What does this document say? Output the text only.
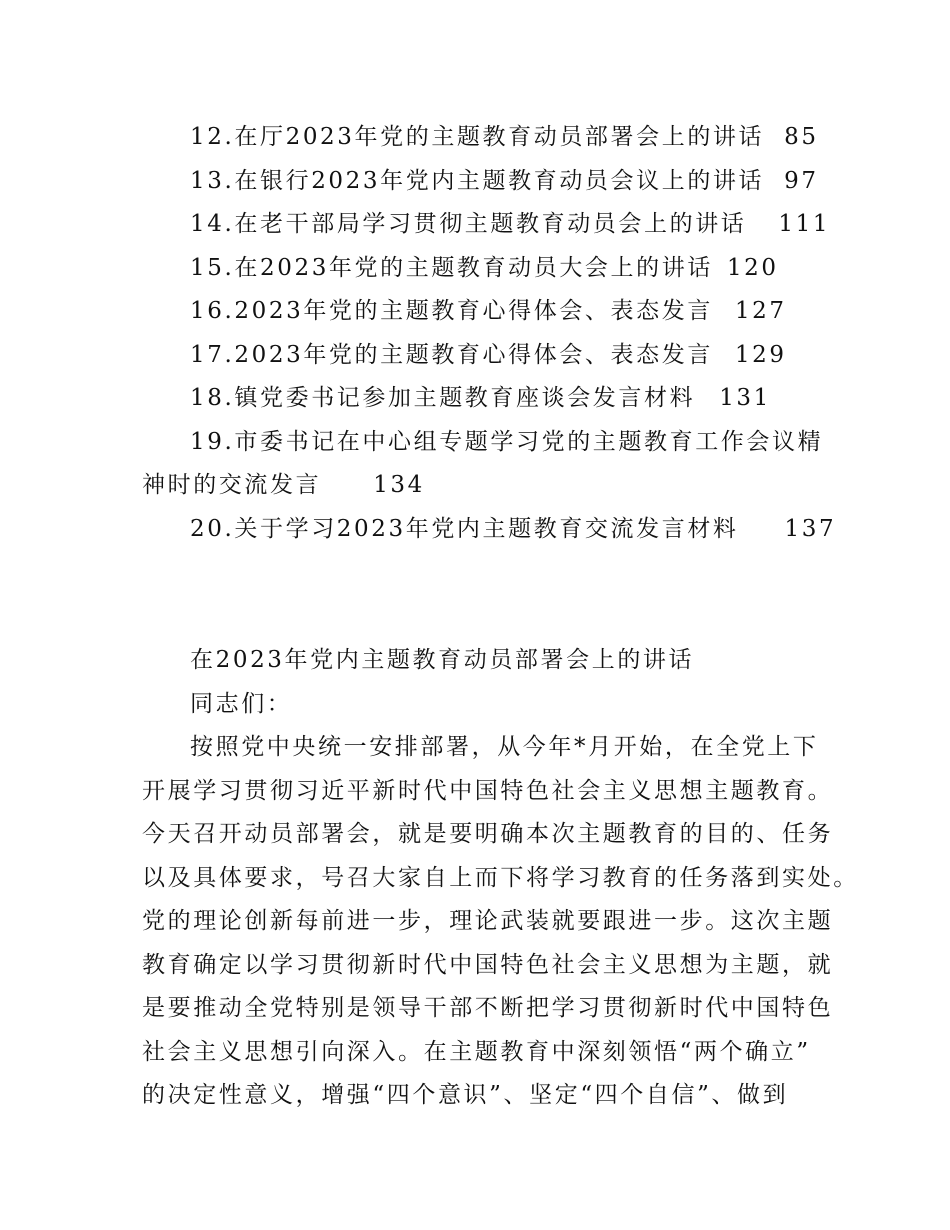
12.在厅2023年党的主题教育动员部署会上的讲话 85
13.在银行2023年党内主题教育动员会议上的讲话 97
14.在老干部局学习贯彻主题教育动员会上的讲话 111
15.在2023年党的主题教育动员大会上的讲话 120
16.2023年党的主题教育心得体会、表态发言 127
17.2023年党的主题教育心得体会、表态发言 129
18.镇党委书记参加主题教育座谈会发言材料 131
19.市委书记在中心组专题学习党的主题教育工作会议精
神时的交流发言 134
20.关于学习2023年党内主题教育交流发言材料 137
在2023年党内主题教育动员部署会上的讲话
同志们：
按照党中央统一安排部署，从今年*月开始，在全党上下
开展学习贯彻习近平新时代中国特色社会主义思想主题教育。
今天召开动员部署会，就是要明确本次主题教育的目的、任务
以及具体要求，号召大家自上而下将学习教育的任务落到实处。
党的理论创新每前进一步，理论武装就要跟进一步。这次主题
教育确定以学习贯彻新时代中国特色社会主义思想为主题，就
是要推动全党特别是领导干部不断把学习贯彻新时代中国特色
社会主义思想引向深入。在主题教育中深刻领悟“两个确立”
的决定性意义，增强“四个意识”、坚定“四个自信”、做到
